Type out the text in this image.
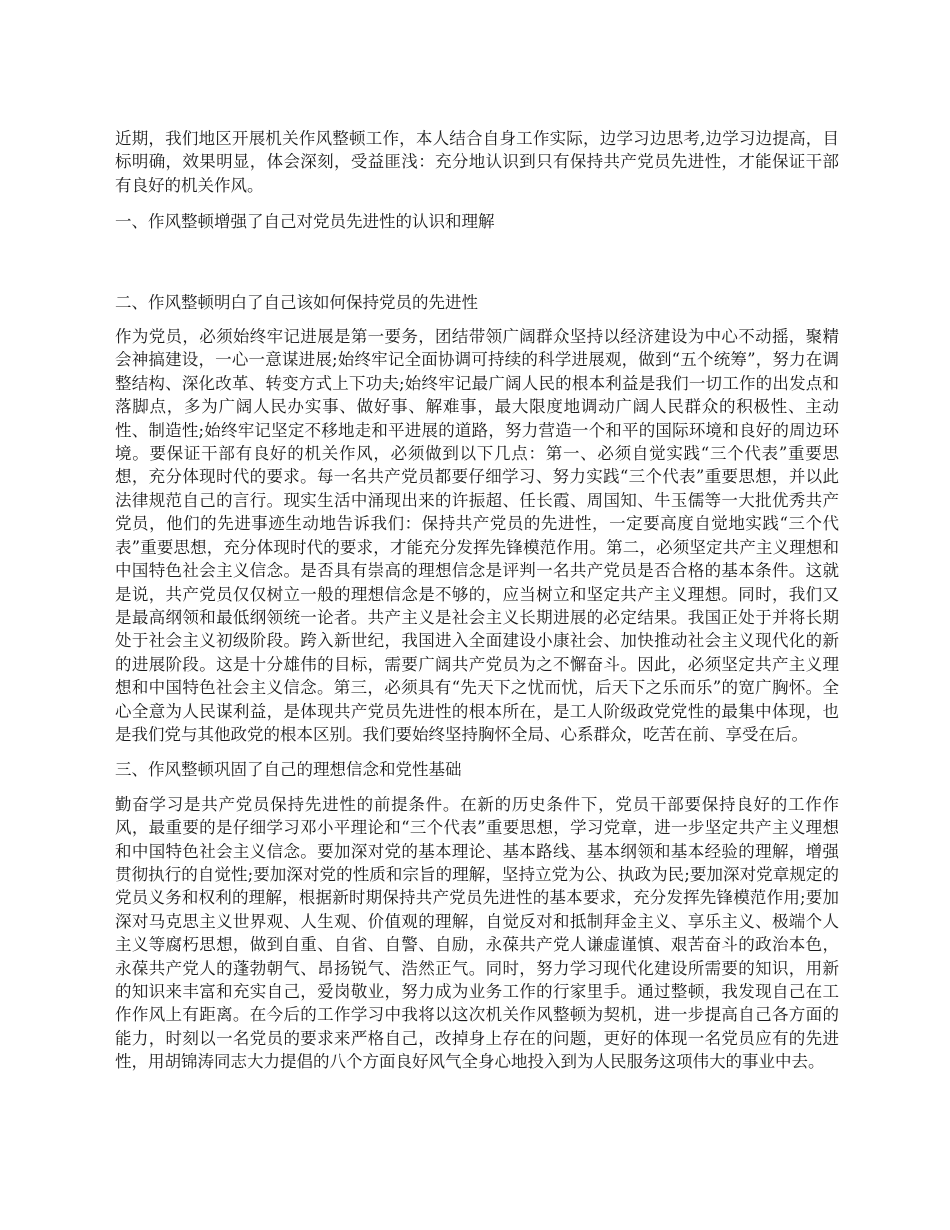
近期，我们地区开展机关作风整顿工作，本人结合自身工作实际，边学习边思考,边学习边提高，目标明确，效果明显，体会深刻，受益匪浅：充分地认识到只有保持共产党员先进性，才能保证干部有良好的机关作风。

一、作风整顿增强了自己对党员先进性的认识和理解

二、作风整顿明白了自己该如何保持党员的先进性

作为党员，必须始终牢记进展是第一要务，团结带领广阔群众坚持以经济建设为中心不动摇，聚精会神搞建设，一心一意谋进展;始终牢记全面协调可持续的科学进展观，做到“五个统筹”，努力在调整结构、深化改革、转变方式上下功夫;始终牢记最广阔人民的根本利益是我们一切工作的出发点和落脚点，多为广阔人民办实事、做好事、解难事，最大限度地调动广阔人民群众的积极性、主动性、制造性;始终牢记坚定不移地走和平进展的道路，努力营造一个和平的国际环境和良好的周边环境。要保证干部有良好的机关作风，必须做到以下几点：第一、必须自觉实践“三个代表”重要思想，充分体现时代的要求。每一名共产党员都要仔细学习、努力实践“三个代表”重要思想，并以此法律规范自己的言行。现实生活中涌现出来的许振超、任长霞、周国知、牛玉儒等一大批优秀共产党员，他们的先进事迹生动地告诉我们：保持共产党员的先进性，一定要高度自觉地实践“三个代表”重要思想，充分体现时代的要求，才能充分发挥先锋模范作用。第二，必须坚定共产主义理想和中国特色社会主义信念。是否具有崇高的理想信念是评判一名共产党员是否合格的基本条件。这就是说，共产党员仅仅树立一般的理想信念是不够的，应当树立和坚定共产主义理想。同时，我们又是最高纲领和最低纲领统一论者。共产主义是社会主义长期进展的必定结果。我国正处于并将长期处于社会主义初级阶段。跨入新世纪，我国进入全面建设小康社会、加快推动社会主义现代化的新的进展阶段。这是十分雄伟的目标，需要广阔共产党员为之不懈奋斗。因此，必须坚定共产主义理想和中国特色社会主义信念。第三，必须具有“先天下之忧而忧，后天下之乐而乐”的宽广胸怀。全心全意为人民谋利益，是体现共产党员先进性的根本所在，是工人阶级政党党性的最集中体现，也是我们党与其他政党的根本区别。我们要始终坚持胸怀全局、心系群众，吃苦在前、享受在后。

三、作风整顿巩固了自己的理想信念和党性基础

勤奋学习是共产党员保持先进性的前提条件。在新的历史条件下，党员干部要保持良好的工作作风，最重要的是仔细学习邓小平理论和“三个代表”重要思想，学习党章，进一步坚定共产主义理想和中国特色社会主义信念。要加深对党的基本理论、基本路线、基本纲领和基本经验的理解，增强贯彻执行的自觉性;要加深对党的性质和宗旨的理解，坚持立党为公、执政为民;要加深对党章规定的党员义务和权利的理解，根据新时期保持共产党员先进性的基本要求，充分发挥先锋模范作用;要加深对马克思主义世界观、人生观、价值观的理解，自觉反对和抵制拜金主义、享乐主义、极端个人主义等腐朽思想，做到自重、自省、自警、自励，永葆共产党人谦虚谨慎、艰苦奋斗的政治本色，永葆共产党人的蓬勃朝气、昂扬锐气、浩然正气。同时，努力学习现代化建设所需要的知识，用新的知识来丰富和充实自己，爱岗敬业，努力成为业务工作的行家里手。通过整顿，我发现自己在工作作风上有距离。在今后的工作学习中我将以这次机关作风整顿为契机，进一步提高自己各方面的能力，时刻以一名党员的要求来严格自己，改掉身上存在的问题，更好的体现一名党员应有的先进性，用胡锦涛同志大力提倡的八个方面良好风气全身心地投入到为人民服务这项伟大的事业中去。
